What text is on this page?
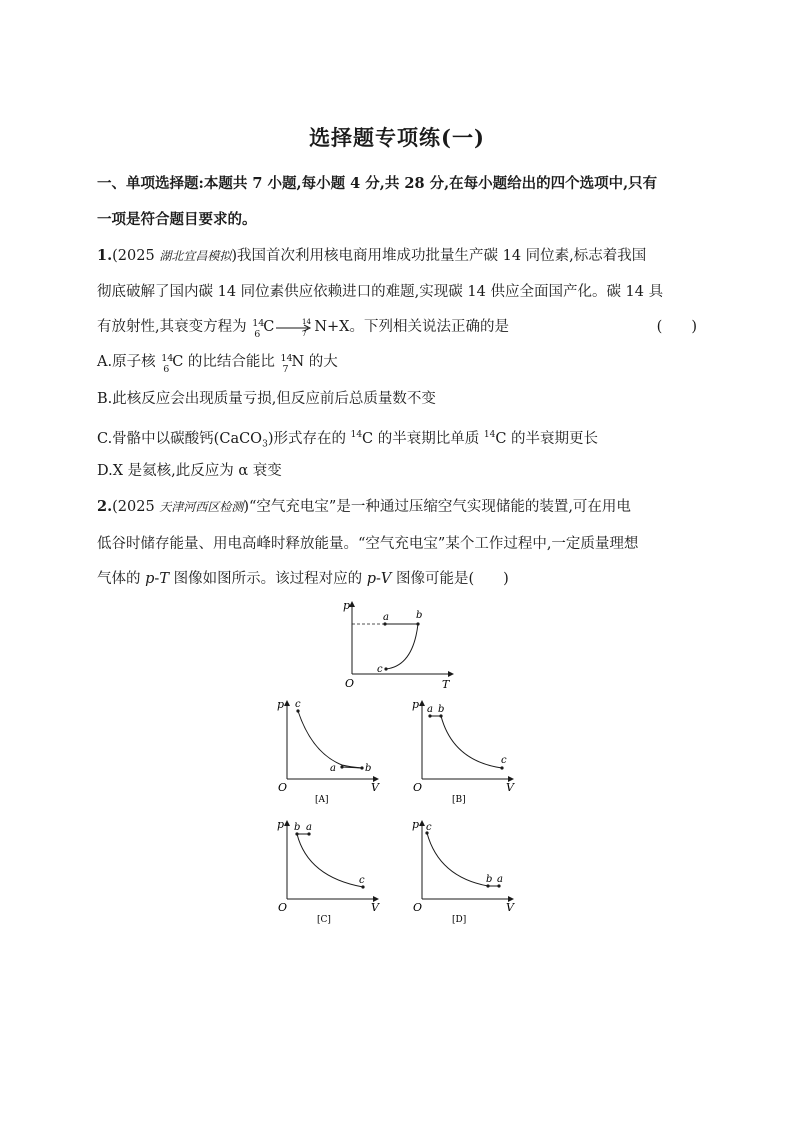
选择题专项练(一)
一、单项选择题:本题共 7 小题,每小题 4 分,共 28 分,在每小题给出的四个选项中,只有
一项是符合题目要求的。
1.(2025 湖北宜昌模拟)我国首次利用核电商用堆成功批量生产碳 14 同位素,标志着我国
彻底破解了国内碳 14 同位素供应依赖进口的难题,实现碳 14 供应全面国产化。碳 14 具
有放射性,其衰变方程为 14
6 C	14
7 N+X。下列相关说法正确的是	(　　)
A.原子核 14
6 C 的比结合能比 14
7 N 的大
B.此核反应会出现质量亏损,但反应前后总质量数不变
C.骨骼中以碳酸钙(CaCO$_3$)形式存在的 $^{14}$C 的半衰期比单质 $^{14}$C 的半衰期更长
D.X 是氦核,此反应为 α 衰变
2.(2025 天津河西区检测)“空气充电宝”是一种通过压缩空气实现储能的装置,可在用电
低谷时储存能量、用电高峰时释放能量。“空气充电宝”某个工作过程中,一定质量理想
气体的 p-T 图像如图所示。该过程对应的 p-V 图像可能是(　　)
p
T
O
a	b
c
p
V
O
c
a	b
[A]
p
V
O
a b
c
[B]
p
V
O
b a
c
[C]
p
V
O
c
b a
[D]
